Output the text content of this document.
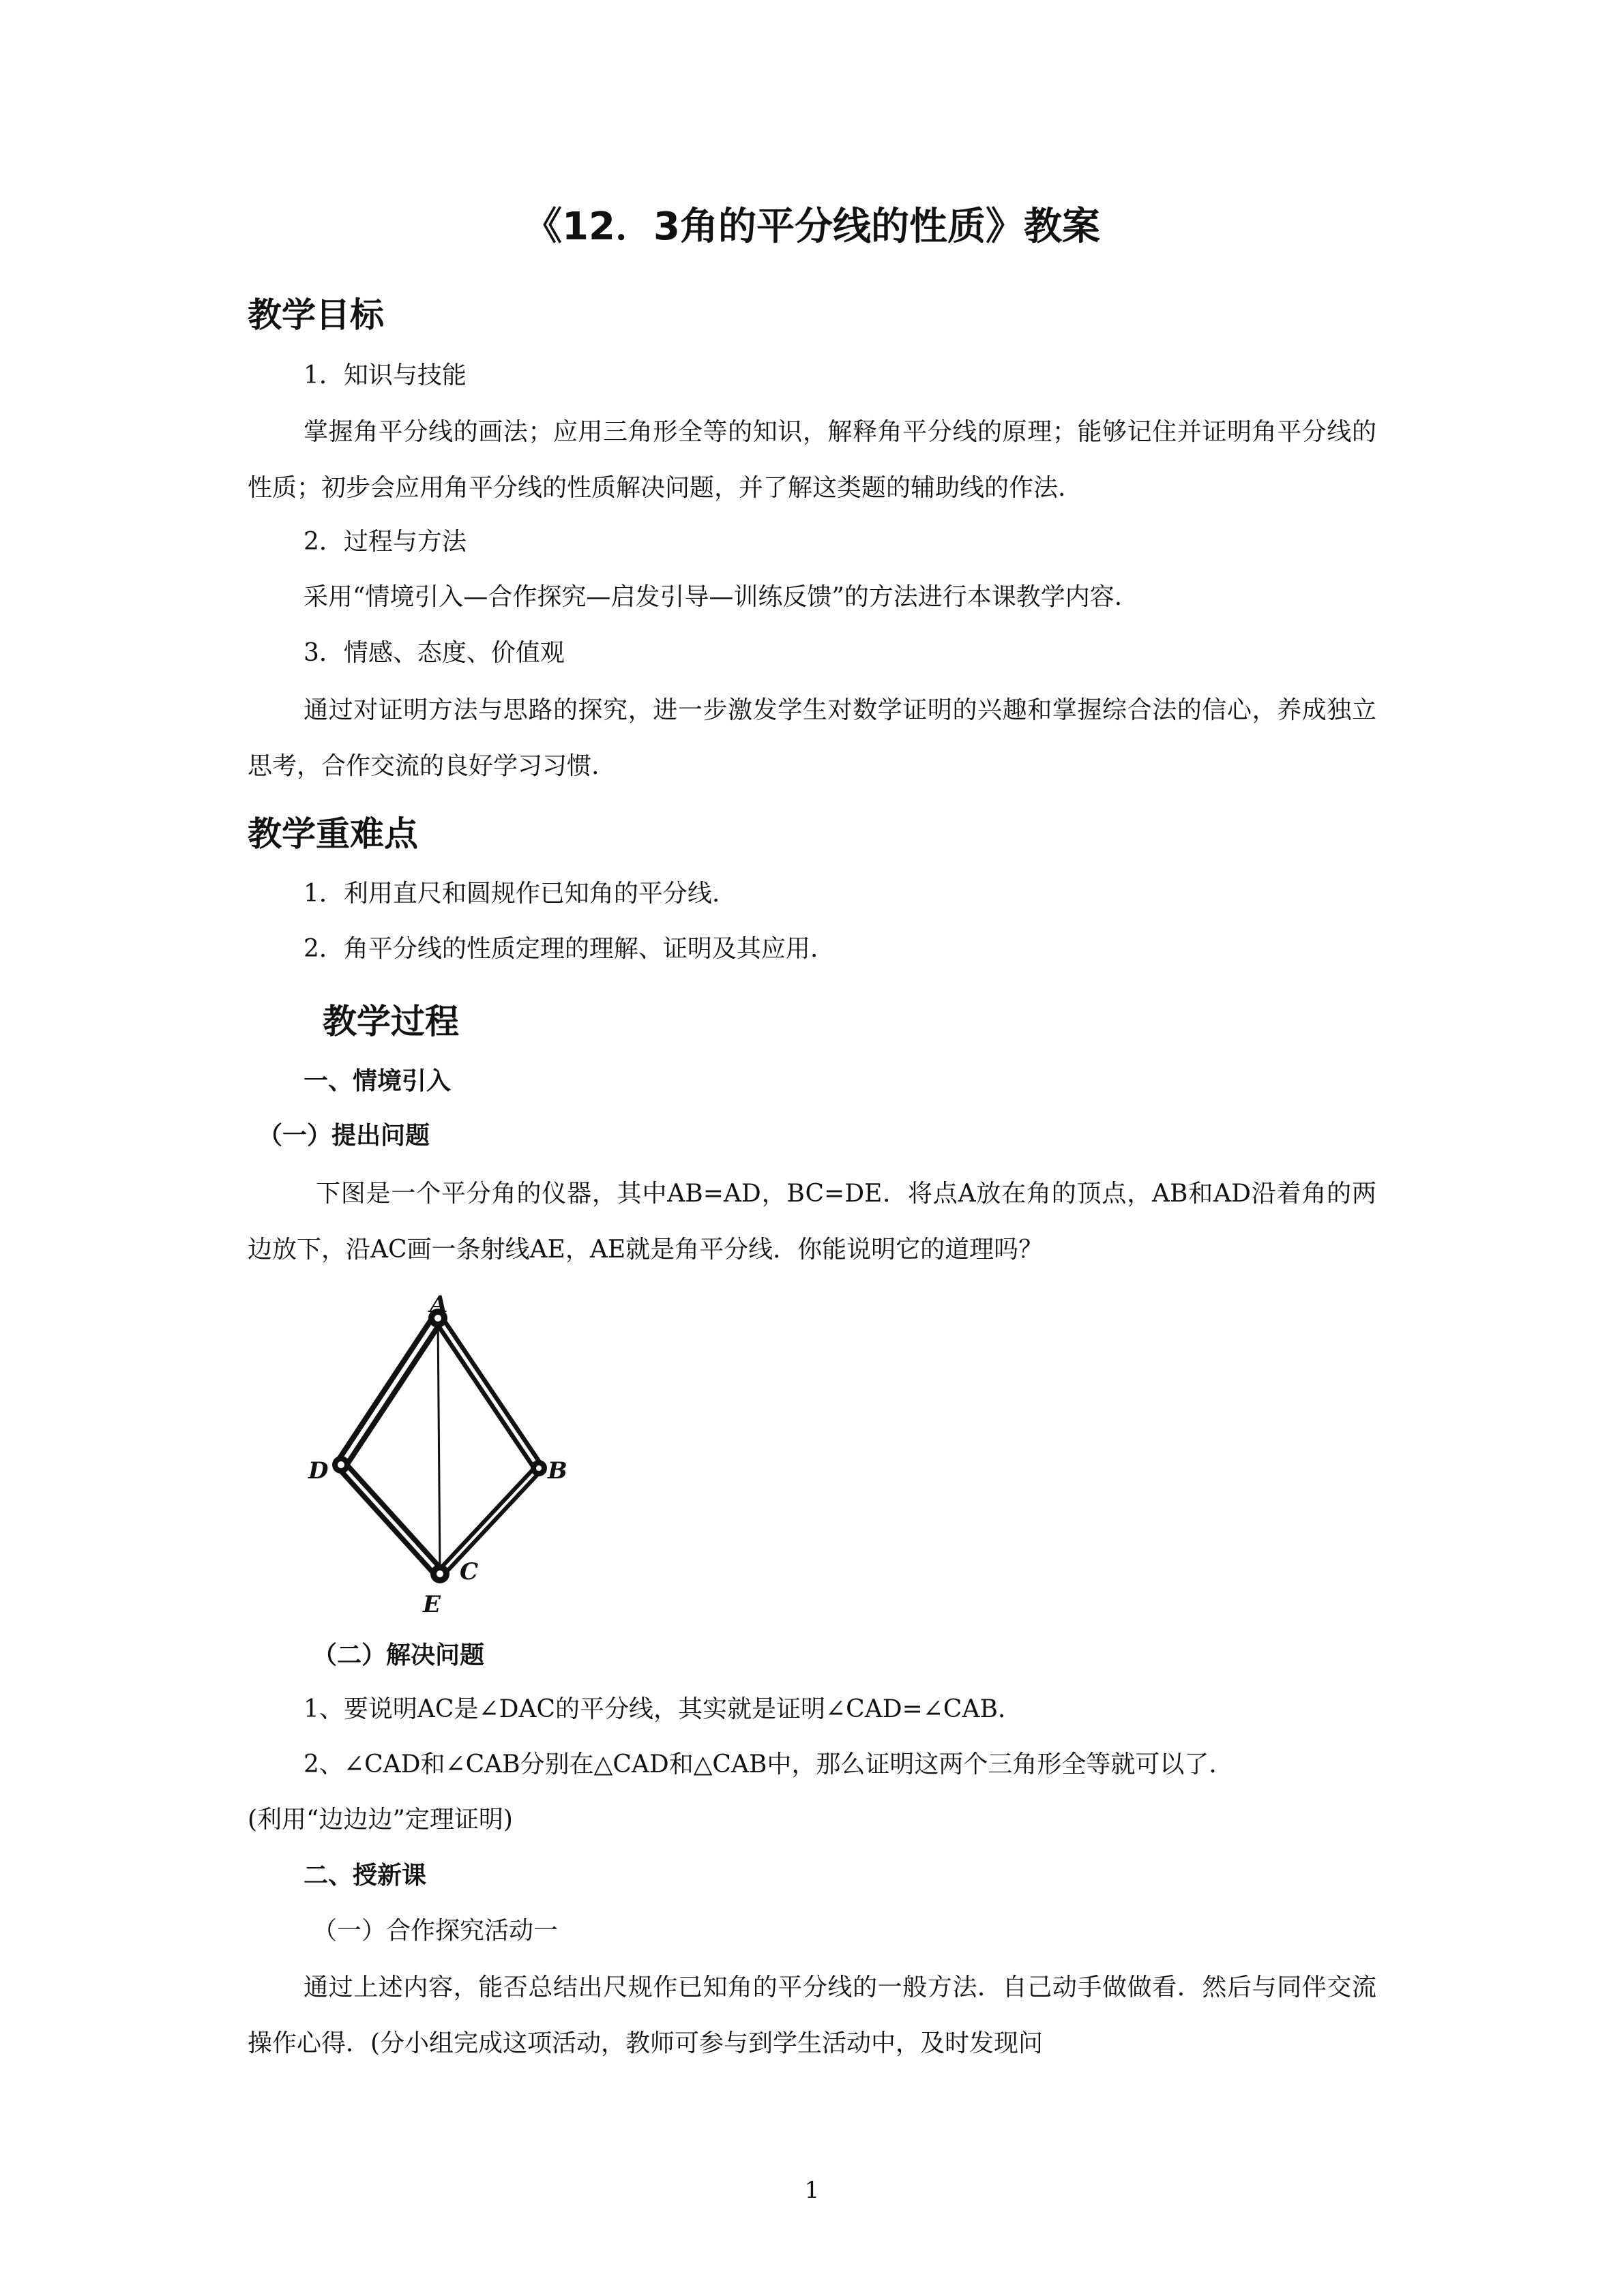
《12．3角的平分线的性质》教案
教学目标
1．知识与技能
掌握角平分线的画法；应用三角形全等的知识，解释角平分线的原理；能够记住并证明角平分线的性质；初步会应用角平分线的性质解决问题，并了解这类题的辅助线的作法.
2．过程与方法
采用“情境引入—合作探究—启发引导—训练反馈”的方法进行本课教学内容.
3．情感、态度、价值观
通过对证明方法与思路的探究，进一步激发学生对数学证明的兴趣和掌握综合法的信心，养成独立思考，合作交流的良好学习习惯.
教学重难点
1．利用直尺和圆规作已知角的平分线.
2．角平分线的性质定理的理解、证明及其应用.
教学过程
一、情境引入
（一）提出问题
下图是一个平分角的仪器，其中AB=AD，BC=DE．将点A放在角的顶点，AB和AD沿着角的两边放下，沿AC画一条射线AE，AE就是角平分线．你能说明它的道理吗？
A
D	B
C
E
（二）解决问题
1、要说明AC是∠DAC的平分线，其实就是证明∠CAD=∠CAB.
2、∠CAD和∠CAB分别在△CAD和△CAB中，那么证明这两个三角形全等就可以了.
(利用“边边边”定理证明)
二、授新课
（一）合作探究活动一
通过上述内容，能否总结出尺规作已知角的平分线的一般方法．自己动手做做看．然后与同伴交流操作心得．(分小组完成这项活动，教师可参与到学生活动中，及时发现问
1
